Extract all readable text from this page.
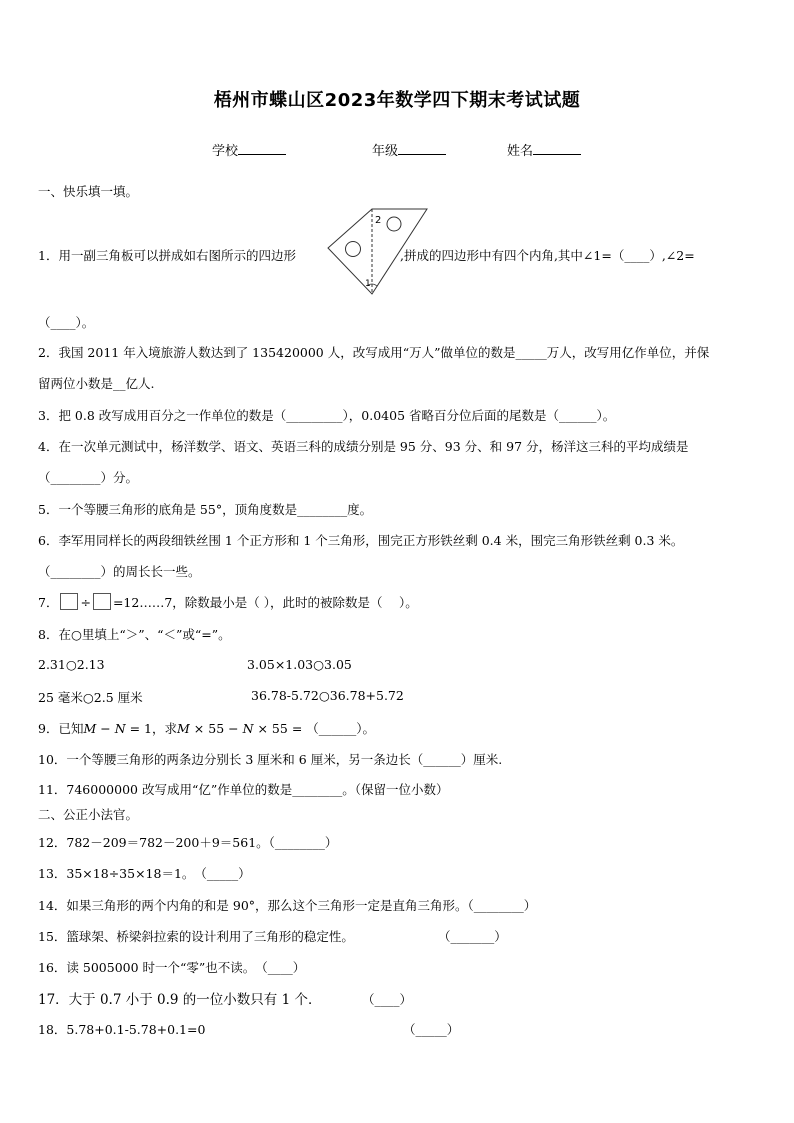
梧州市蝶山区2023年数学四下期末考试试题
学校	年级	姓名
一、快乐填一填。
2
1
1．用一副三角板可以拼成如右图所示的四边形	,拼成的四边形中有四个内角,其中∠1=（____）,∠2=
（____）。
2．我国 2011 年入境旅游人数达到了 135420000 人，改写成用“万人”做单位的数是_____万人，改写用亿作单位，并保
留两位小数是__亿人.
3．把 0.8 改写成用百分之一作单位的数是（_________），0.0405 省略百分位后面的尾数是（______）。
4．在一次单元测试中，杨洋数学、语文、英语三科的成绩分别是 95 分、93 分、和 97 分，杨洋这三科的平均成绩是
（________）分。
5．一个等腰三角形的底角是 55°，顶角度数是________度。
6．李军用同样长的两段细铁丝围 1 个正方形和 1 个三角形，围完正方形铁丝剩 0.4 米，围完三角形铁丝剩 0.3 米。
（________）的周长长一些。
7． ÷ =12……7，除数最小是（ ），此时的被除数是（　 ）。
8．在○里填上“＞”、“＜”或“=”。
2.31○2.13	3.05×1.03○3.05
25 毫米○2.5 厘米	36.78-5.72○36.78+5.72
9．已知M − N = 1，求M × 55 − N × 55 = （______）。
10．一个等腰三角形的两条边分别长 3 厘米和 6 厘米，另一条边长（______）厘米.
11．746000000 改写成用“亿”作单位的数是________。（保留一位小数）
二、公正小法官。
12．782－209＝782－200＋9＝561。（________）
13．35×18÷35×18＝1。　（_____）
14．如果三角形的两个内角的和是 90°，那么这个三角形一定是直角三角形。（________）
15．篮球架、桥梁斜拉索的设计利用了三角形的稳定性。	（_______）
16．读 5005000 时一个“零”也不读。　（____）
17．大于 0.7 小于 0.9 的一位小数只有 1 个．	（____）
18．5.78+0.1-5.78+0.1=0	（_____）
